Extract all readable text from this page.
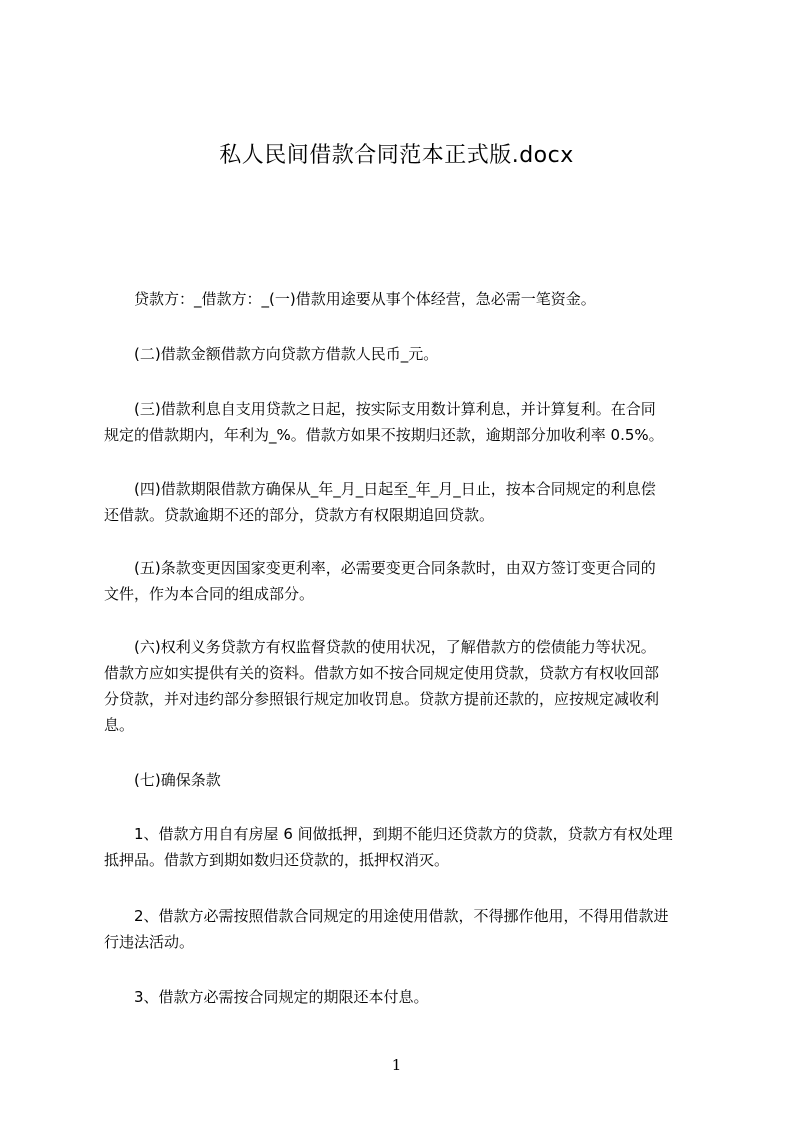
私人民间借款合同范本正式版.docx
　　贷款方：_借款方：_(一)借款用途要从事个体经营，急必需一笔资金。
　　(二)借款金额借款方向贷款方借款人民币_元。
　　(三)借款利息自支用贷款之日起，按实际支用数计算利息，并计算复利。在合同
规定的借款期内，年利为_%。借款方如果不按期归还款，逾期部分加收利率 0.5%。
　　(四)借款期限借款方确保从_年_月_日起至_年_月_日止，按本合同规定的利息偿
还借款。贷款逾期不还的部分，贷款方有权限期追回贷款。
　　(五)条款变更因国家变更利率，必需要变更合同条款时，由双方签订变更合同的
文件，作为本合同的组成部分。
　　(六)权利义务贷款方有权监督贷款的使用状况，了解借款方的偿债能力等状况。
借款方应如实提供有关的资料。借款方如不按合同规定使用贷款，贷款方有权收回部
分贷款，并对违约部分参照银行规定加收罚息。贷款方提前还款的，应按规定减收利
息。
　　(七)确保条款
　　1、借款方用自有房屋 6 间做抵押，到期不能归还贷款方的贷款，贷款方有权处理
抵押品。借款方到期如数归还贷款的，抵押权消灭。
　　2、借款方必需按照借款合同规定的用途使用借款，不得挪作他用，不得用借款进
行违法活动。
　　3、借款方必需按合同规定的期限还本付息。
1
